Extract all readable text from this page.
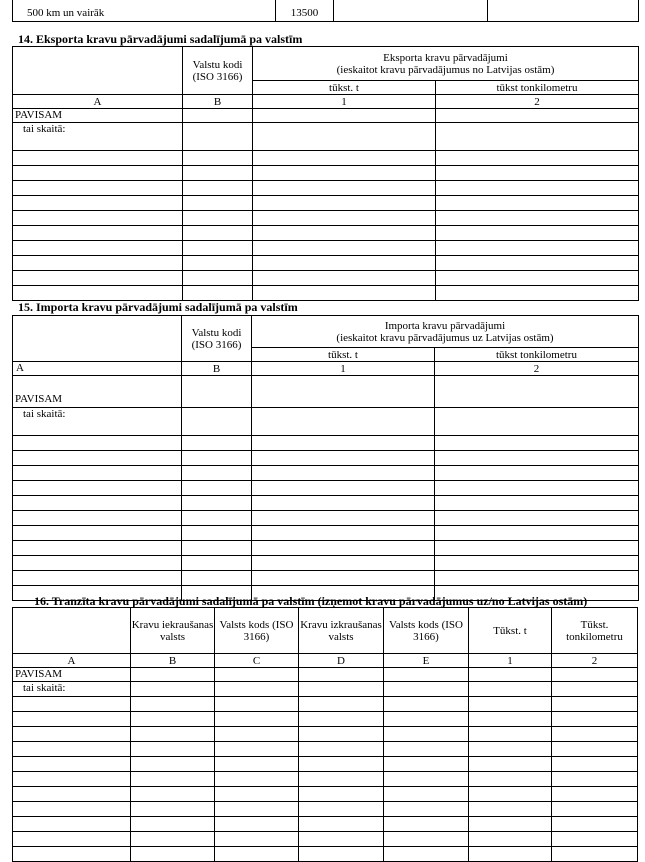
500 km un vairāk	13500		
14. Eksporta kravu pārvadājumi sadalījumā pa valstīm
	Valstu kodi (ISO 3166)	Eksporta kravu pārvadājumi
(ieskaitot kravu pārvadājumus no Latvijas ostām)	

		tūkst. t	tūkst tonkilometru
A	B	1	2
PAVISAM			
tai skaitā:			

15. Importa kravu pārvadājumi sadalījumā pa valstīm
	Valstu kodi (ISO 3166)	Importa kravu pārvadājumi
(ieskaitot kravu pārvadājumus uz Latvijas ostām)	

		tūkst. t	tūkst tonkilometru
A	B	1	2
PAVISAM			
tai skaitā:			

16. Tranzīta kravu pārvadājumi sadalījumā pa valstīm (izņemot kravu pārvadājumus uz/no Latvijas ostām)
	Kravu iekraušanas valsts	Valsts kods (ISO 3166)	Kravu izkraušanas valsts	Valsts kods (ISO 3166)	Tūkst. t	Tūkst. tonkilometru
A	B	C	D	E	1	2
PAVISAM						
tai skaitā:						
